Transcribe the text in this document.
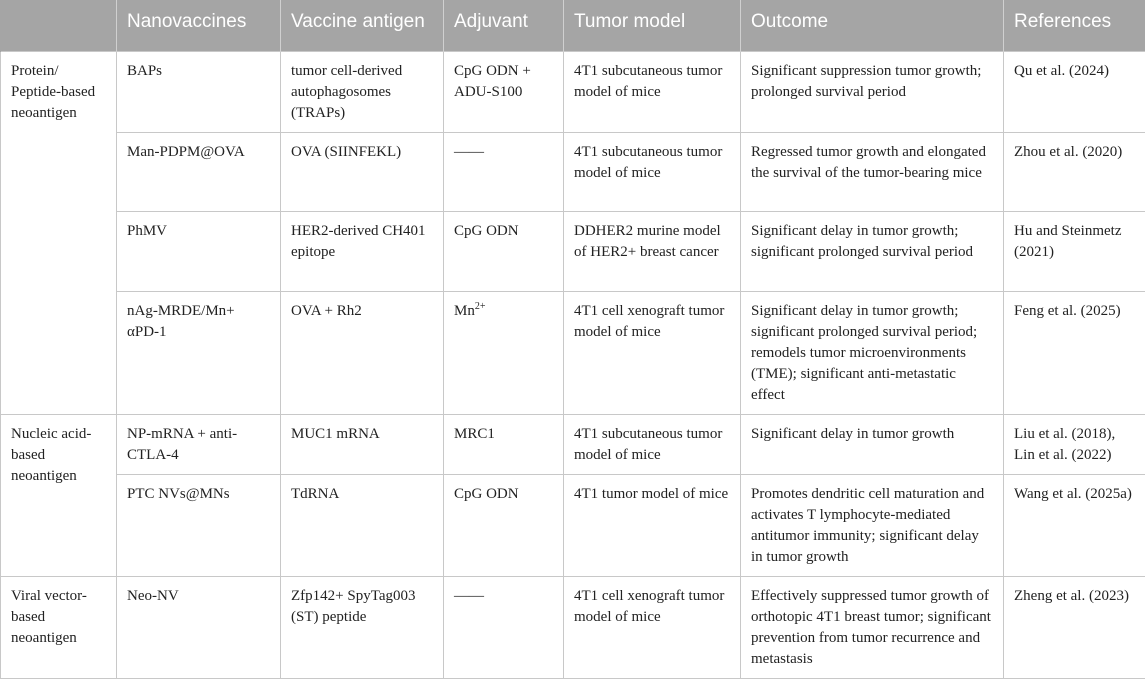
	Nanovaccines	Vaccine antigen	Adjuvant	Tumor model	Outcome	References
Protein/ Peptide-based neoantigen	BAPs	tumor cell-derived autophagosomes (TRAPs)	CpG ODN + ADU-S100	4T1 subcutaneous tumor model of mice	Significant suppression tumor growth; prolonged survival period	Qu et al. (2024)
	Man-PDPM@OVA	OVA (SIINFEKL)	——	4T1 subcutaneous tumor model of mice	Regressed tumor growth and elongated the survival of the tumor-bearing mice	Zhou et al. (2020)
	PhMV	HER2-derived CH401 epitope	CpG ODN	DDHER2 murine model of HER2+ breast cancer	Significant delay in tumor growth; significant prolonged survival period	Hu and Steinmetz (2021)
	nAg-MRDE/Mn+ αPD-1	OVA + Rh2	$Mn^{2+}$	4T1 cell xenograft tumor model of mice	Significant delay in tumor growth; significant prolonged survival period; remodels tumor microenvironments (TME); significant anti-metastatic effect	Feng et al. (2025)
Nucleic acid-based neoantigen	NP-mRNA + anti-CTLA-4	MUC1 mRNA	MRC1	4T1 subcutaneous tumor model of mice	Significant delay in tumor growth	Liu et al. (2018), Lin et al. (2022)
	PTC NVs@MNs	TdRNA	CpG ODN	4T1 tumor model of mice	Promotes dendritic cell maturation and activates T lymphocyte-mediated antitumor immunity; significant delay in tumor growth	Wang et al. (2025a)
Viral vector-based neoantigen	Neo-NV	Zfp142+ SpyTag003 (ST) peptide	——	4T1 cell xenograft tumor model of mice	Effectively suppressed tumor growth of orthotopic 4T1 breast tumor; significant prevention from tumor recurrence and metastasis	Zheng et al. (2023)
